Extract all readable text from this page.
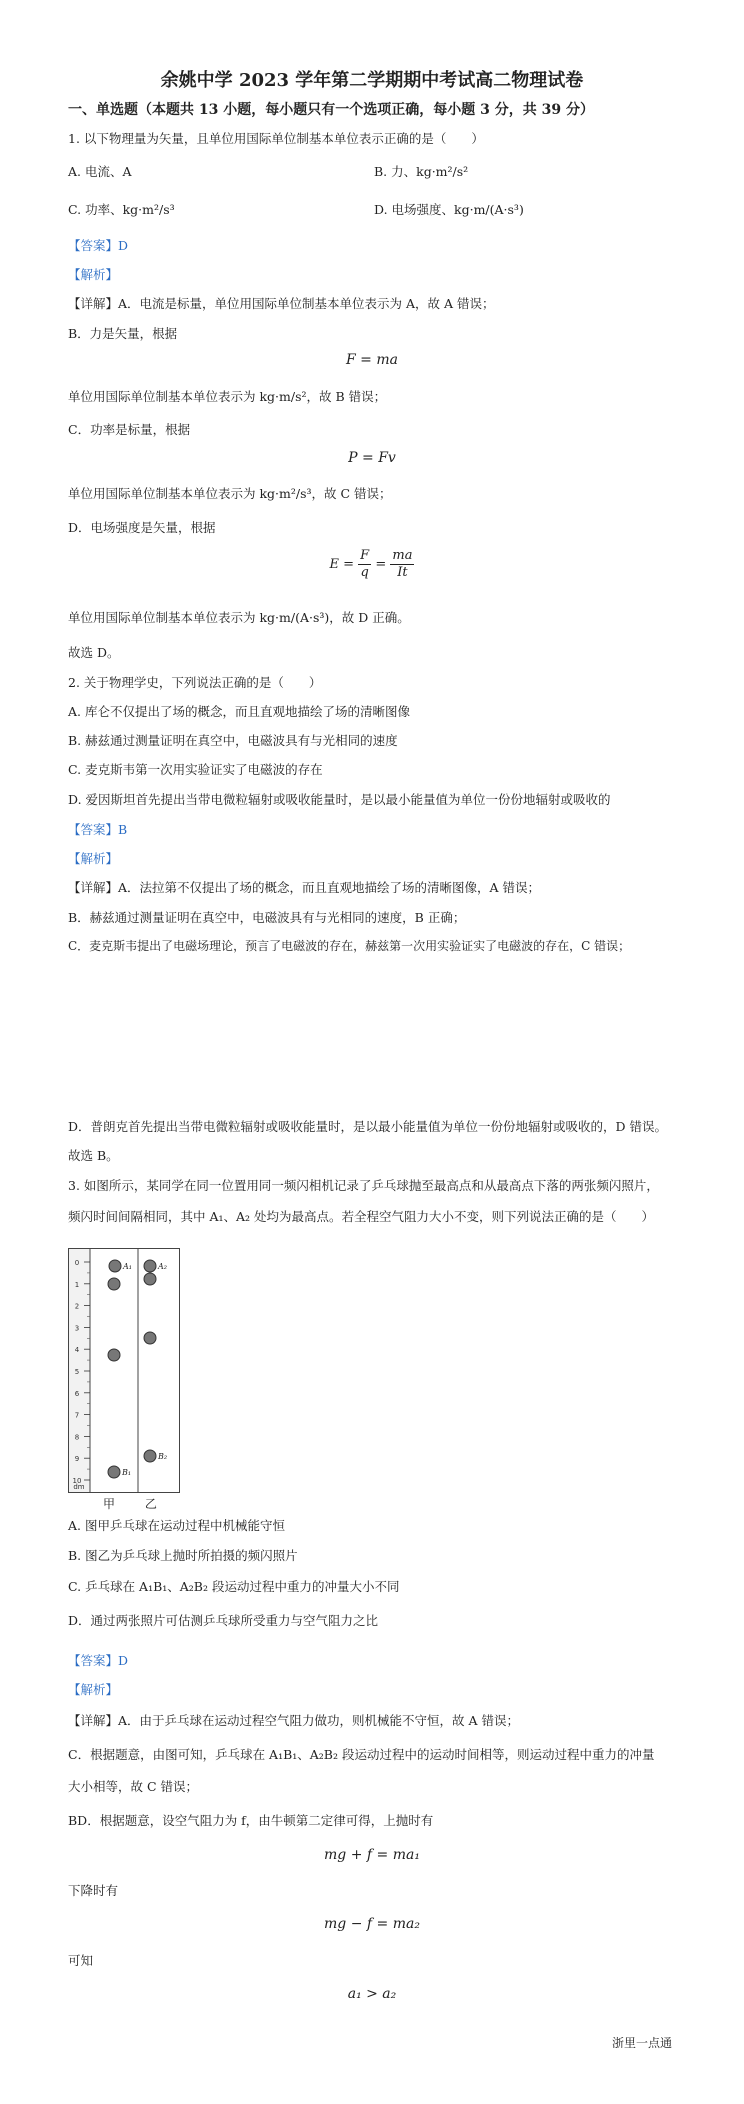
余姚中学 2023 学年第二学期期中考试高二物理试卷
一、单选题（本题共 13 小题，每小题只有一个选项正确，每小题 3 分，共 39 分）
1. 以下物理量为矢量，且单位用国际单位制基本单位表示正确的是（　　）
A. 电流、A	B. 力、kg·m²/s²
C. 功率、kg·m²/s³	D. 电场强度、kg·m/(A·s³)
【答案】D
【解析】
【详解】A．电流是标量，单位用国际单位制基本单位表示为 A，故 A 错误；
B．力是矢量，根据
F = ma
单位用国际单位制基本单位表示为 kg·m/s²，故 B 错误；
C．功率是标量，根据
P = Fv
单位用国际单位制基本单位表示为 kg·m²/s³，故 C 错误；
D．电场强度是矢量，根据
$E = \frac{F}{q} = \frac{ma}{It}$
单位用国际单位制基本单位表示为 kg·m/(A·s³)，故 D 正确。
故选 D。
2. 关于物理学史，下列说法正确的是（　　）
A. 库仑不仅提出了场的概念，而且直观地描绘了场的清晰图像
B. 赫兹通过测量证明在真空中，电磁波具有与光相同的速度
C. 麦克斯韦第一次用实验证实了电磁波的存在
D. 爱因斯坦首先提出当带电微粒辐射或吸收能量时，是以最小能量值为单位一份份地辐射或吸收的
【答案】B
【解析】
【详解】A．法拉第不仅提出了场的概念，而且直观地描绘了场的清晰图像，A 错误；
B．赫兹通过测量证明在真空中，电磁波具有与光相同的速度，B 正确；
C．麦克斯韦提出了电磁场理论，预言了电磁波的存在，赫兹第一次用实验证实了电磁波的存在，C 错误；
D．普朗克首先提出当带电微粒辐射或吸收能量时，是以最小能量值为单位一份份地辐射或吸收的，D 错误。
故选 B。
3. 如图所示，某同学在同一位置用同一频闪相机记录了乒乓球抛至最高点和从最高点下落的两张频闪照片，
频闪时间间隔相同，其中 A₁、A₂ 处均为最高点。若全程空气阻力大小不变，则下列说法正确的是（　　）
0
1
2
3
4
5
6
7
8
9
10
dm
A₁	A₂
B₁
B₂
甲 乙
A. 图甲乒乓球在运动过程中机械能守恒
B. 图乙为乒乓球上抛时所拍摄的频闪照片
C. 乒乓球在 A₁B₁、A₂B₂ 段运动过程中重力的冲量大小不同
D．通过两张照片可估测乒乓球所受重力与空气阻力之比
【答案】D
【解析】
【详解】A．由于乒乓球在运动过程空气阻力做功，则机械能不守恒，故 A 错误；
C．根据题意，由图可知，乒乓球在 A₁B₁、A₂B₂ 段运动过程中的运动时间相等，则运动过程中重力的冲量
大小相等，故 C 错误；
BD．根据题意，设空气阻力为 f，由牛顿第二定律可得，上抛时有
mg + f = ma₁
下降时有
mg − f = ma₂
可知
a₁ > a₂
浙里一点通
